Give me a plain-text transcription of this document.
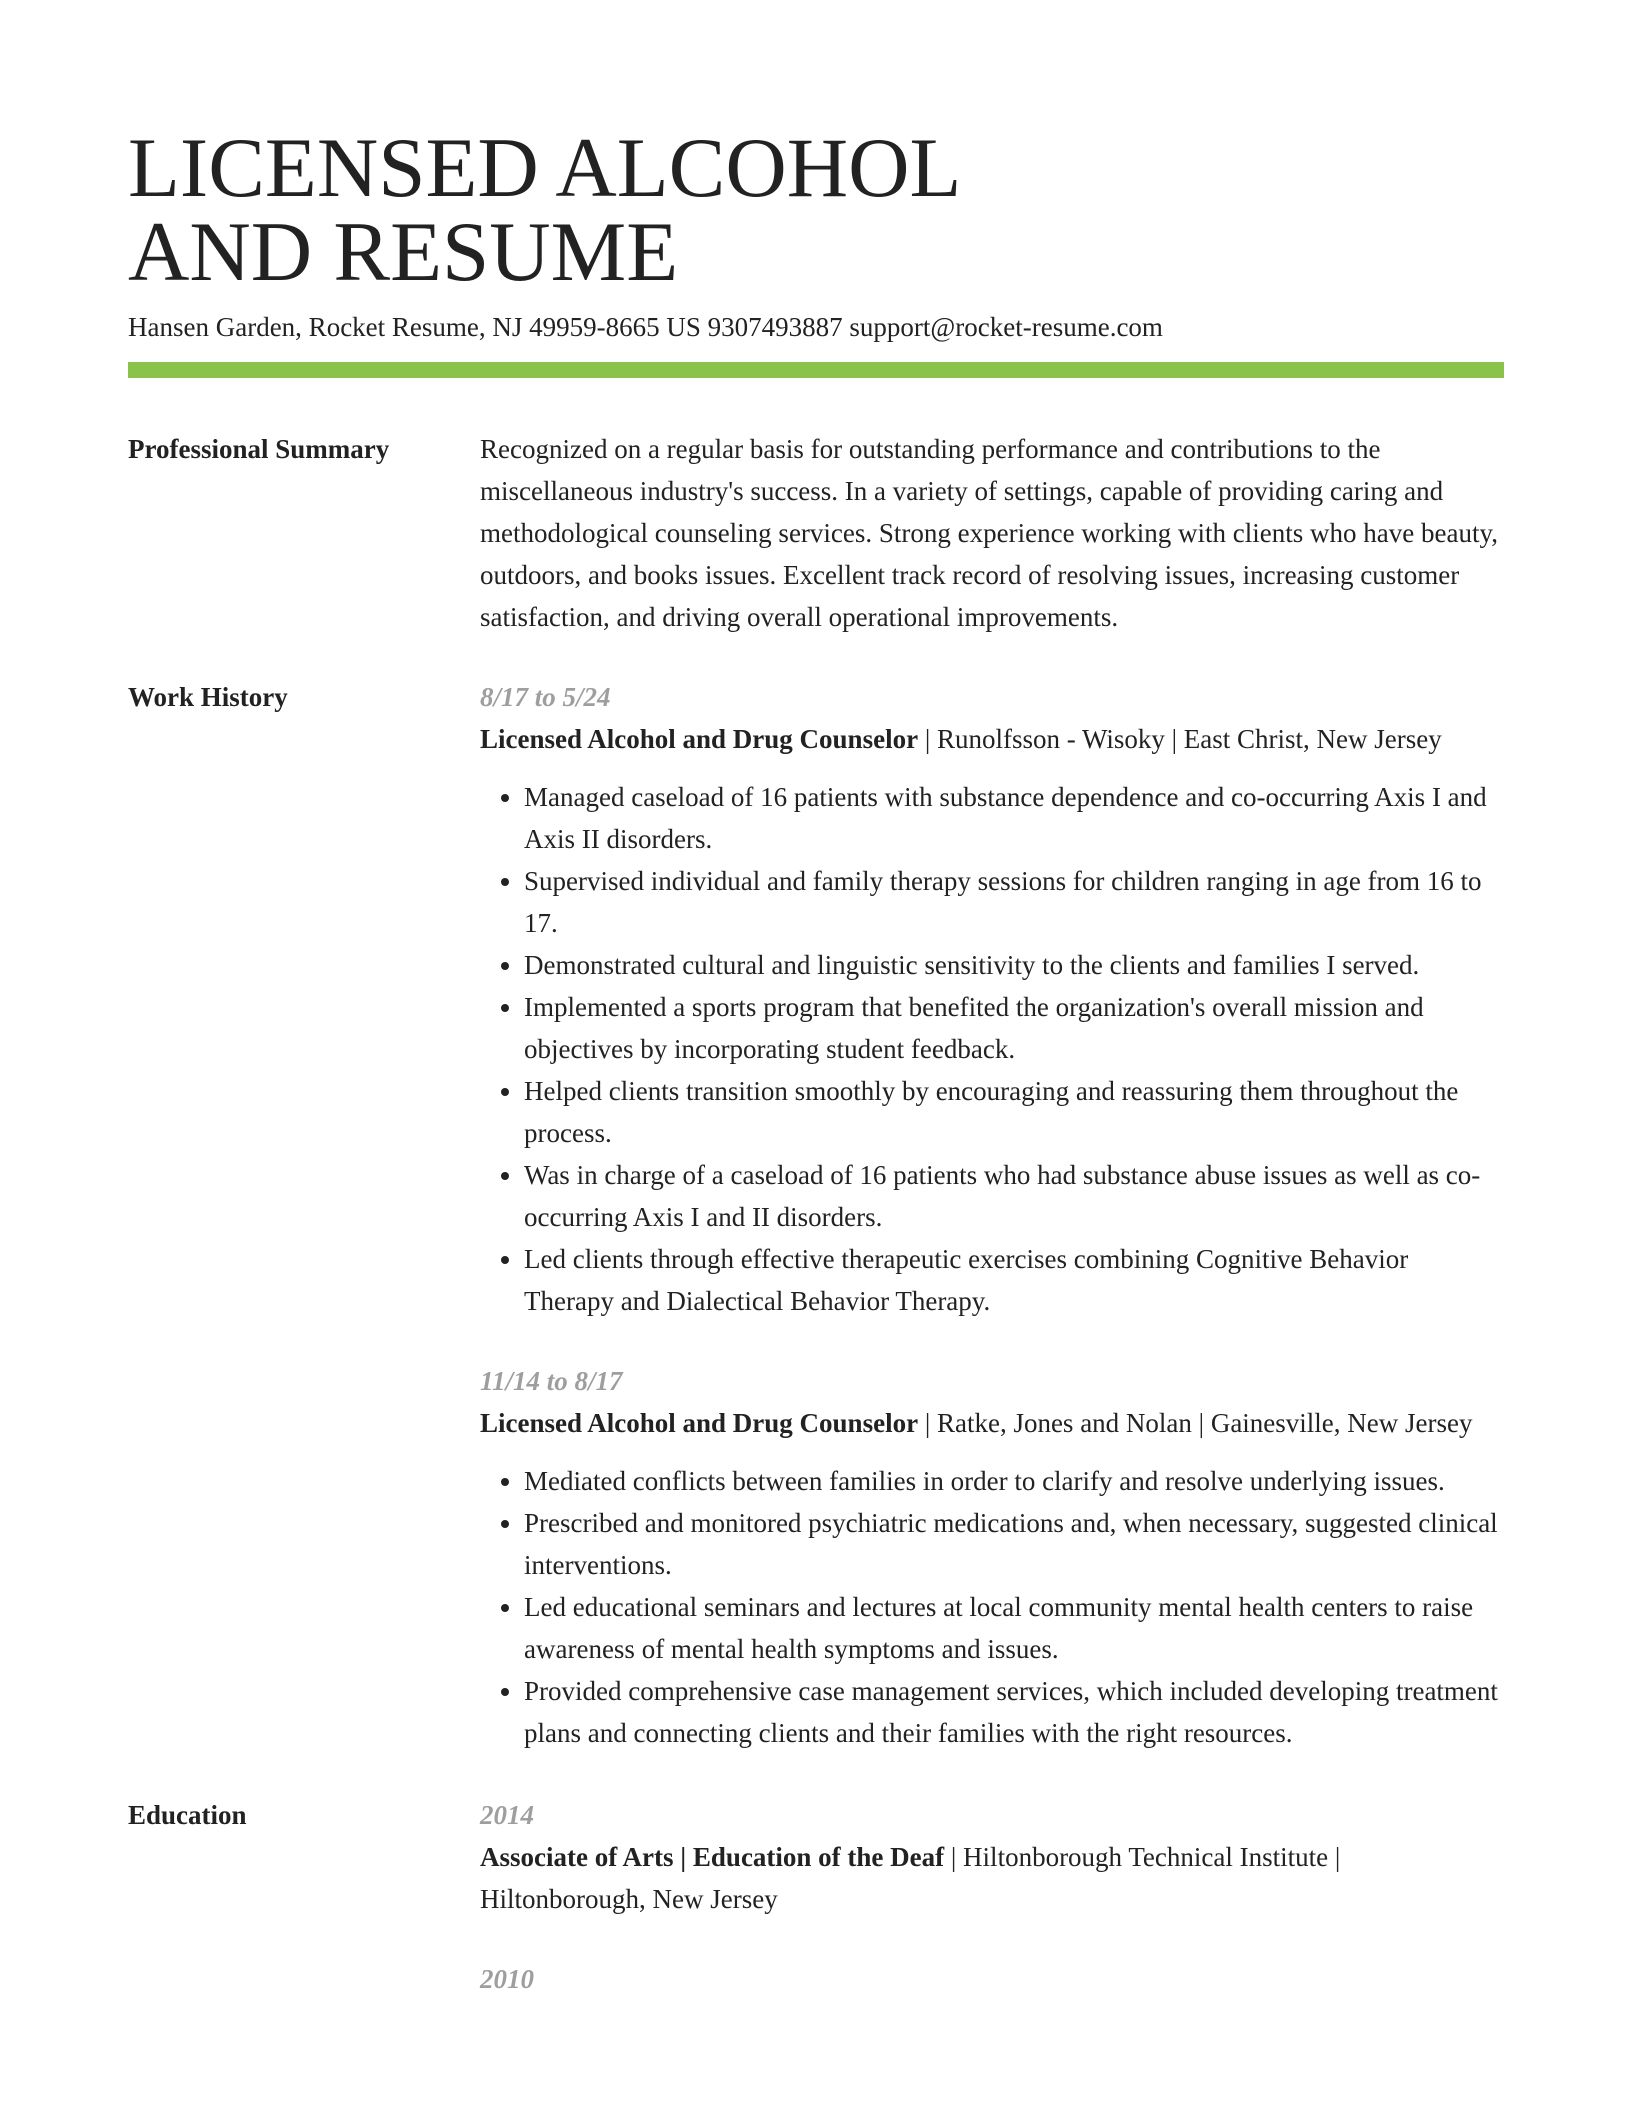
LICENSED ALCOHOL
AND RESUME
Hansen Garden, Rocket Resume, NJ 49959-8665 US 9307493887 support@rocket-resume.com
Professional Summary	Recognized on a regular basis for outstanding performance and contributions to the miscellaneous industry's success. In a variety of settings, capable of providing caring and methodological counseling services. Strong experience working with clients who have beauty, outdoors, and books issues. Excellent track record of resolving issues, increasing customer satisfaction, and driving overall operational improvements.
Work History	8/17 to 5/24
Licensed Alcohol and Drug Counselor | Runolfsson - Wisoky | East Christ, New Jersey
• Managed caseload of 16 patients with substance dependence and co-occurring Axis I and Axis II disorders.
• Supervised individual and family therapy sessions for children ranging in age from 16 to 17.
• Demonstrated cultural and linguistic sensitivity to the clients and families I served.
• Implemented a sports program that benefited the organization's overall mission and objectives by incorporating student feedback.
• Helped clients transition smoothly by encouraging and reassuring them throughout the process.
• Was in charge of a caseload of 16 patients who had substance abuse issues as well as co-occurring Axis I and II disorders.
• Led clients through effective therapeutic exercises combining Cognitive Behavior Therapy and Dialectical Behavior Therapy.
11/14 to 8/17
Licensed Alcohol and Drug Counselor | Ratke, Jones and Nolan | Gainesville, New Jersey
• Mediated conflicts between families in order to clarify and resolve underlying issues.
• Prescribed and monitored psychiatric medications and, when necessary, suggested clinical interventions.
• Led educational seminars and lectures at local community mental health centers to raise awareness of mental health symptoms and issues.
• Provided comprehensive case management services, which included developing treatment plans and connecting clients and their families with the right resources.
Education	2014
Associate of Arts | Education of the Deaf | Hiltonborough Technical Institute | Hiltonborough, New Jersey
2010
